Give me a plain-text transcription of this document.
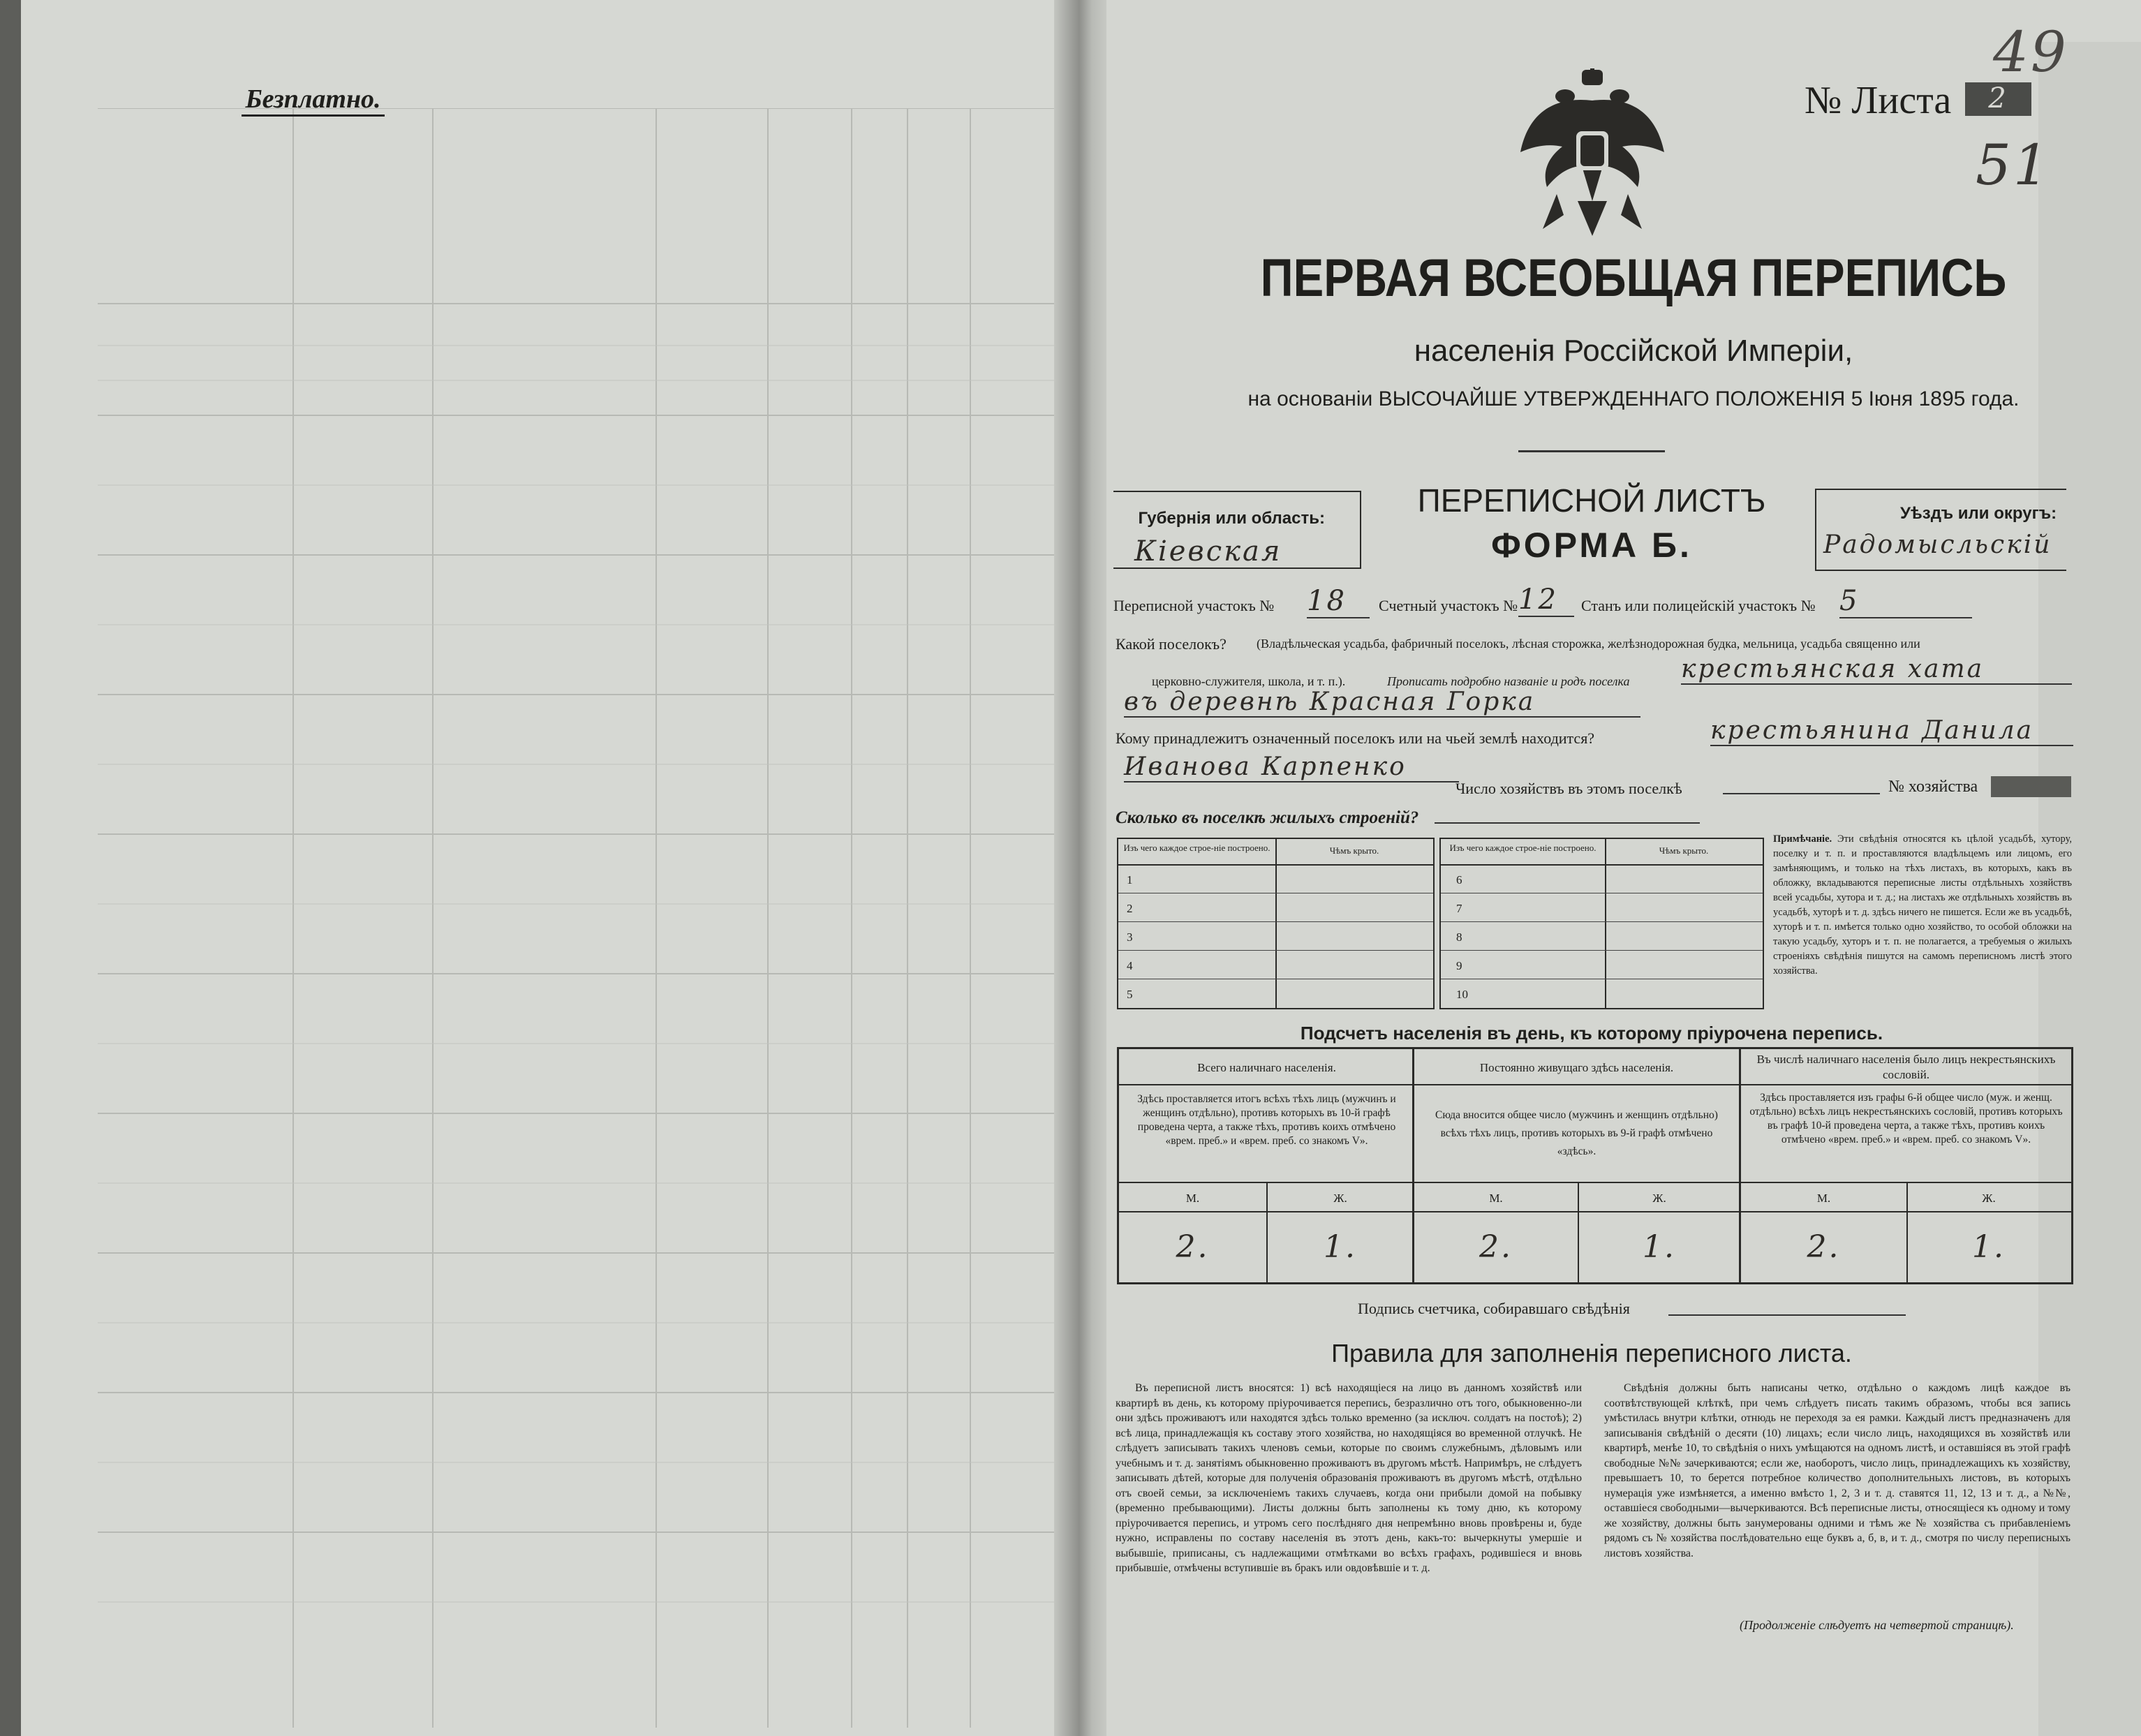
Безплатно.	№ Листа	2
49
51
ПЕРВАЯ ВСЕОБЩАЯ ПЕРЕПИСЬ
населенія Россійской Имперіи,
на основаніи ВЫСОЧАЙШЕ УТВЕРЖДЕННАГО ПОЛОЖЕНІЯ 5 Іюня 1895 года.
Губернія или область:
Кіевская
ПЕРЕПИСНОЙ ЛИСТЪ
ФОРМА Б.
Уѣздъ или округъ:
Радомысльскій
Переписной участокъ № 18	Счетный участокъ № 12	Станъ или полицейскій участокъ № 5
Какой поселокъ? (Владѣльческая усадьба, фабричный поселокъ, лѣсная сторожка, желѣзнодорожная будка, мельница, усадьба священно или
церковно-служителя, школа, и т. п.).	Прописать подробно названіе и родъ поселка крестьянская хата
въ деревнѣ Красная Горка
Кому принадлежитъ означенный поселокъ или на чьей землѣ находится?	крестьянина Данила
Иванова Карпенко
Число хозяйствъ въ этомъ поселкѣ	№ хозяйства
Сколько въ поселкѣ жилыхъ строеній?
Изъ чего каждое строе-ніе построено.	Чѣмъ крыто.
1
2
3
4
5
Изъ чего каждое строе-ніе построено.	Чѣмъ крыто.
6
7
8
9
10
Примѣчаніе. Эти свѣдѣнія относятся къ цѣлой усадьбѣ, хутору, поселку и т. п. и проставляются владѣльцемъ или лицомъ, его замѣняющимъ, и только на тѣхъ листахъ, въ которыхъ, какъ въ обложку, вкладываются переписные листы отдѣльныхъ хозяйствъ всей усадьбы, хутора и т. д.; на листахъ же отдѣльныхъ хозяйствъ въ усадьбѣ, хуторѣ и т. д. здѣсь ничего не пишется. Если же въ усадьбѣ, хуторѣ и т. п. имѣется только одно хозяйство, то особой обложки на такую усадьбу, хуторъ и т. п. не полагается, а требуемыя о жилыхъ строеніяхъ свѣдѣнія пишутся на самомъ переписномъ листѣ этого хозяйства.
Подсчетъ населенія въ день, къ которому пріурочена перепись.
Всего наличнаго населенія.
Здѣсь проставляется итогъ всѣхъ тѣхъ лицъ (мужчинъ и женщинъ отдѣльно), противъ которыхъ въ 10-й графѣ проведена черта, а также тѣхъ, противъ коихъ отмѣчено «врем. преб.» и «врем. преб. со знакомъ V».
Постоянно живущаго здѣсь населенія.
Сюда вносится общее число (мужчинъ и женщинъ отдѣльно) всѣхъ тѣхъ лицъ, противъ которыхъ въ 9-й графѣ отмѣчено «здѣсь».
Въ числѣ наличнаго населенія было лицъ некрестьянскихъ сословій.
Здѣсь проставляется изъ графы 6-й общее число (муж. и женщ. отдѣльно) всѣхъ лицъ некрестьянскихъ сословій, противъ которыхъ въ графѣ 10-й проведена черта, а также тѣхъ, противъ коихъ отмѣчено «врем. преб.» и «врем. преб. со знакомъ V».
М.	Ж.	М.	Ж.	М.	Ж.
2.	1.	2.	1.	2.	1.
Подпись счетчика, собиравшаго свѣдѣнія
Правила для заполненія переписного листа.
Въ переписной листъ вносятся: 1) всѣ находящіеся на лицо въ данномъ хозяйствѣ или квартирѣ въ день, къ которому пріурочивается перепись, безразлично отъ того, обыкновенно-ли они здѣсь проживаютъ или находятся здѣсь только временно (за исключ. солдатъ на постоѣ); 2) всѣ лица, принадлежащія къ составу этого хозяйства, но находящіяся во временной отлучкѣ. Не слѣдуетъ записывать такихъ членовъ семьи, которые по своимъ служебнымъ, дѣловымъ или учебнымъ и т. д. занятіямъ обыкновенно проживаютъ въ другомъ мѣстѣ. Напримѣръ, не слѣдуетъ записывать дѣтей, которые для полученія образованія проживаютъ въ другомъ мѣстѣ, отдѣльно отъ своей семьи, за исключеніемъ такихъ случаевъ, когда они прибыли домой на побывку (временно пребывающими). Листы должны быть заполнены къ тому дню, къ которому пріурочивается перепись, и утромъ сего послѣдняго дня непремѣнно вновь провѣрены и, буде нужно, исправлены по составу населенія въ этотъ день, какъ-то: вычеркнуты умершіе и выбывшіе, приписаны, съ надлежащими отмѣтками во всѣхъ графахъ, родившіеся и вновь прибывшіе, отмѣчены вступившіе въ бракъ или овдовѣвшіе и т. д.
Свѣдѣнія должны быть написаны четко, отдѣльно о каждомъ лицѣ каждое въ соотвѣтствующей клѣткѣ, при чемъ слѣдуетъ писать такимъ образомъ, чтобы вся запись умѣстилась внутри клѣтки, отнюдь не переходя за ея рамки. Каждый листъ предназначенъ для записыванія свѣдѣній о десяти (10) лицахъ; если число лицъ, находящихся въ хозяйствѣ или квартирѣ, менѣе 10, то свѣдѣнія о нихъ умѣщаются на одномъ листѣ, и оставшіяся въ этой графѣ свободные №№ зачеркиваются; если же, наоборотъ, число лицъ, принадлежащихъ къ хозяйству, превышаетъ 10, то берется потребное количество дополнительныхъ листовъ, въ которыхъ нумерація уже измѣняется, а именно вмѣсто 1, 2, 3 и т. д. ставятся 11, 12, 13 и т. д., а №№, оставшіеся свободными—вычеркиваются. Всѣ переписные листы, относящіеся къ одному и тому же хозяйству, должны быть занумерованы одними и тѣмъ же № хозяйства съ прибавленіемъ рядомъ съ № хозяйства послѣдовательно еще буквъ а, б, в, и т. д., смотря по числу переписныхъ листовъ хозяйства.
(Продолженіе слѣдуетъ на четвертой страницѣ).
